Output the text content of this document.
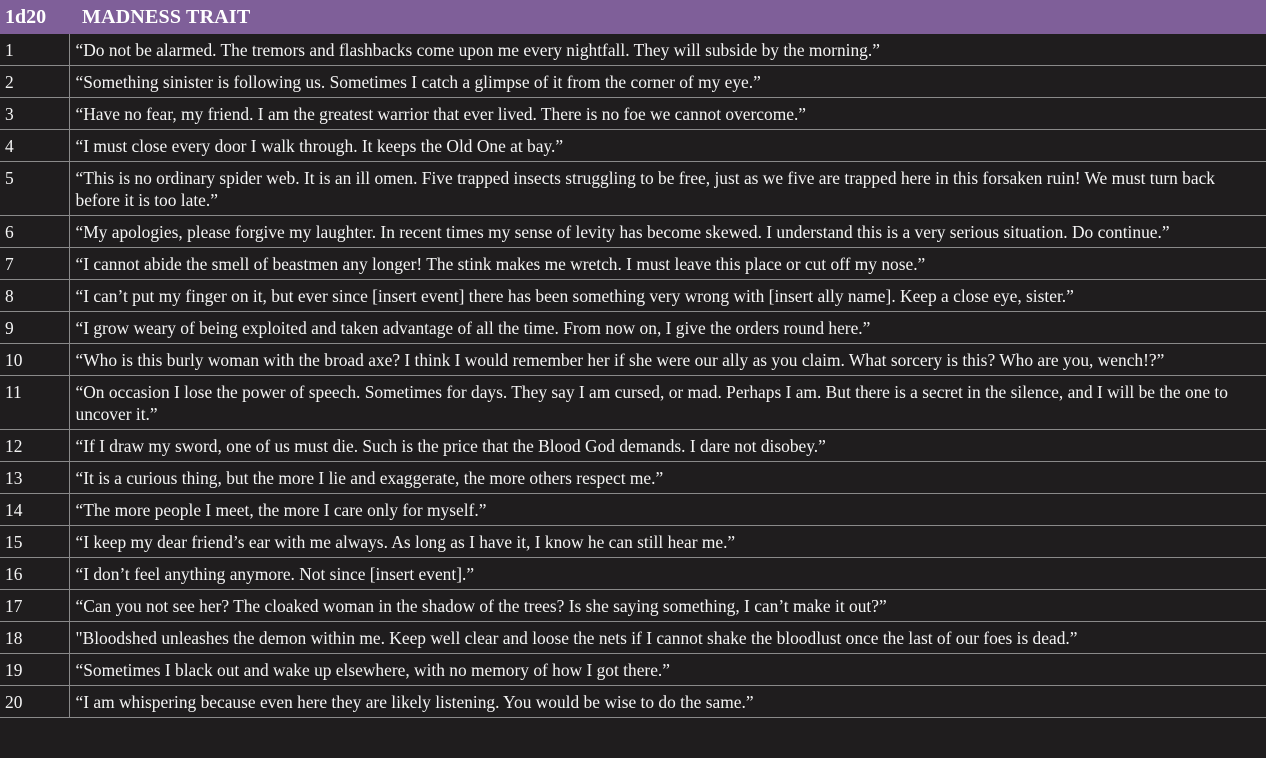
1d20	MADNESS TRAIT
1	“Do not be alarmed. The tremors and flashbacks come upon me every nightfall. They will subside by the morning.”
2	“Something sinister is following us. Sometimes I catch a glimpse of it from the corner of my eye.”
3	“Have no fear, my friend. I am the greatest warrior that ever lived. There is no foe we cannot overcome.”
4	“I must close every door I walk through. It keeps the Old One at bay.”
5	“This is no ordinary spider web. It is an ill omen. Five trapped insects struggling to be free, just as we five are trapped here in this forsaken ruin! We must turn back before it is too late.”
6	“My apologies, please forgive my laughter. In recent times my sense of levity has become skewed. I understand this is a very serious situation. Do continue.”
7	“I cannot abide the smell of beastmen any longer! The stink makes me wretch. I must leave this place or cut off my nose.”
8	“I can’t put my finger on it, but ever since [insert event] there has been something very wrong with [insert ally name]. Keep a close eye, sister.”
9	“I grow weary of being exploited and taken advantage of all the time. From now on, I give the orders round here.”
10	“Who is this burly woman with the broad axe? I think I would remember her if she were our ally as you claim. What sorcery is this? Who are you, wench!?”
11	“On occasion I lose the power of speech. Sometimes for days. They say I am cursed, or mad. Perhaps I am. But there is a secret in the silence, and I will be the one to uncover it.”
12	“If I draw my sword, one of us must die. Such is the price that the Blood God demands. I dare not disobey.”
13	“It is a curious thing, but the more I lie and exaggerate, the more others respect me.”
14	“The more people I meet, the more I care only for myself.”
15	“I keep my dear friend’s ear with me always. As long as I have it, I know he can still hear me.”
16	“I don’t feel anything anymore. Not since [insert event].”
17	“Can you not see her? The cloaked woman in the shadow of the trees? Is she saying something, I can’t make it out?”
18	"Bloodshed unleashes the demon within me. Keep well clear and loose the nets if I cannot shake the bloodlust once the last of our foes is dead.”
19	“Sometimes I black out and wake up elsewhere, with no memory of how I got there.”
20	“I am whispering because even here they are likely listening. You would be wise to do the same.”
